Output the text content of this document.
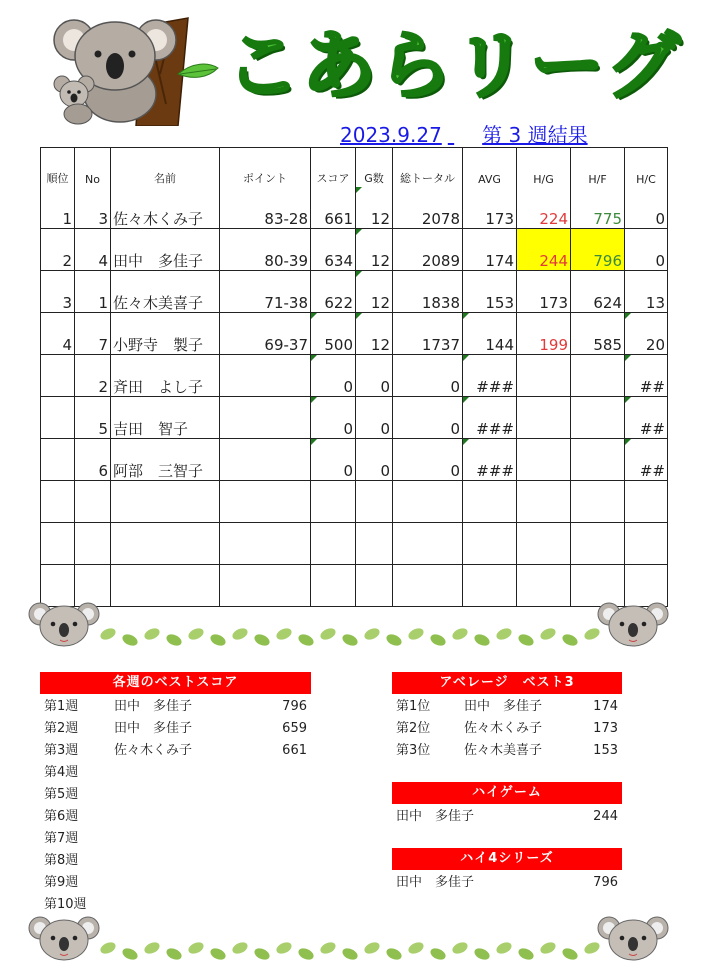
こあらリーグ
2023.9.27 第 3 週結果
順位	No	名前	ポイント	スコア	G数	総トータル	AVG	H/G	H/F	H/C
1	3	佐々木くみ子	83-28	661	12	2078	173	224	775	0
2	4	田中　多佳子	80-39	634	12	2089	174	244	796	0
3	1	佐々木美喜子	71-38	622	12	1838	153	173	624	13
4	7	小野寺　製子	69-37	500	12	1737	144	199	585	20
	2	斉田　よし子		0	0	0	###			##
	5	吉田　智子		0	0	0	###			##
	6	阿部　三智子		0	0	0	###			##

各週のベストスコア
第1週	田中　多佳子	796
第2週	田中　多佳子	659
第3週	佐々木くみ子	661
第4週
第5週
第6週
第7週
第8週
第9週
第10週
アベレージ　ベスト3
第1位	田中　多佳子	174
第2位	佐々木くみ子	173
第3位	佐々木美喜子	153
ハイゲーム
田中　多佳子	244
ハイ4シリーズ
田中　多佳子	796
